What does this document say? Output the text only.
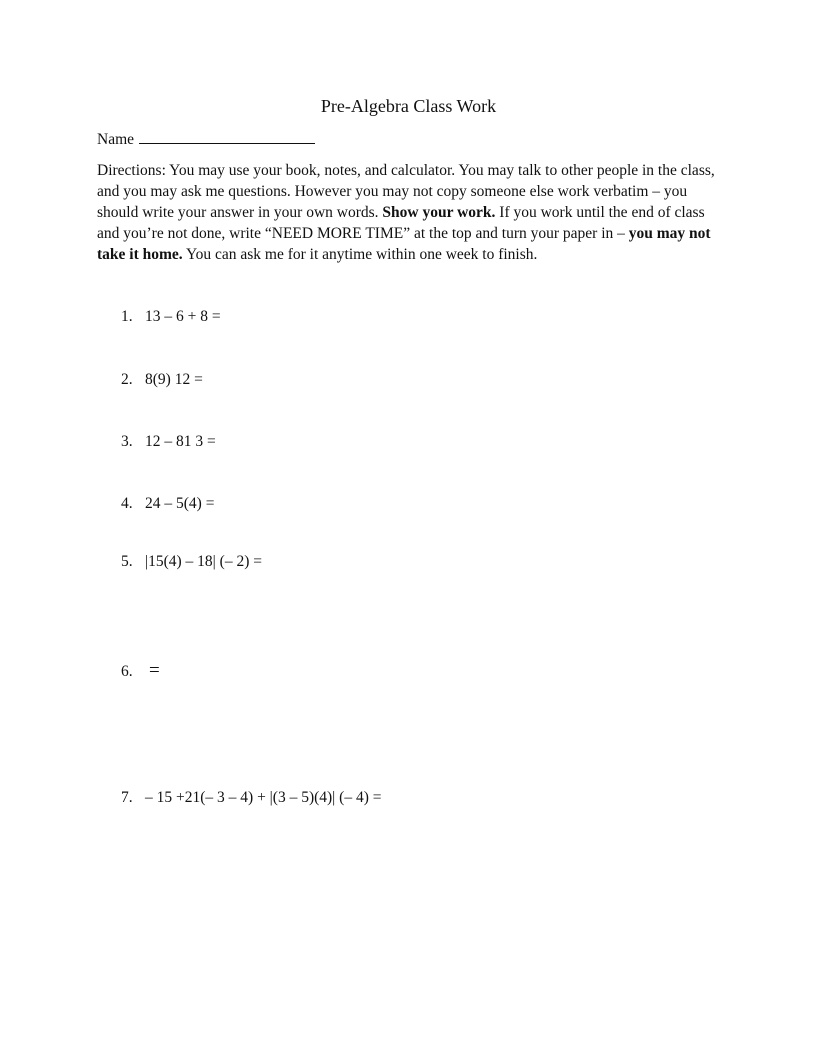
Pre-Algebra Class Work
Name
Directions: You may use your book, notes, and calculator. You may talk to other people in the class, and you may ask me questions. However you may not copy someone else work verbatim – you should write your answer in your own words. Show your work. If you work until the end of class and you’re not done, write “NEED MORE TIME” at the top and turn your paper in – you may not take it home. You can ask me for it anytime within one week to finish.
1. 13 – 6 + 8 =
2. 8(9) 12 =
3. 12 – 81 3 =
4. 24 – 5(4) =
5. |15(4) – 18| (– 2) =
6. =
7. – 15 +21(– 3 – 4) + |(3 – 5)(4)| (– 4) =
